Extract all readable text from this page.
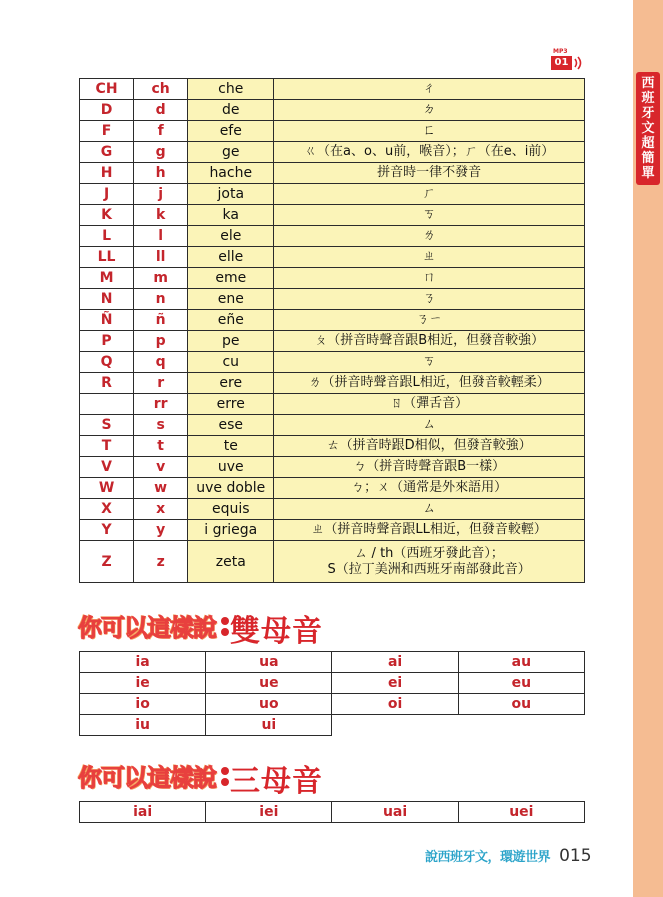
西
班
牙
文
超
簡
單
MP3
01
CH	ch	che	ㄔ
D	d	de	ㄉ
F	f	efe	ㄈ
G	g	ge	ㄍ（在a、o、u前，喉音）；ㄏ（在e、i前）
H	h	hache	拼音時一律不發音
J	j	jota	ㄏ
K	k	ka	ㄎ
L	l	ele	ㄌ
LL	ll	elle	ㄓ
M	m	eme	ㄇ
N	n	ene	ㄋ
Ñ	ñ	eñe	ㄋㄧ
P	p	pe	ㄆ（拼音時聲音跟B相近，但發音較強）
Q	q	cu	ㄎ
R	r	ere	ㄌ（拼音時聲音跟L相近，但發音較輕柔）
	rr	erre	ㄖ（彈舌音）
S	s	ese	ㄙ
T	t	te	ㄊ（拼音時跟D相似，但發音較強）
V	v	uve	ㄅ（拼音時聲音跟B一樣）
W	w	uve doble	ㄅ；ㄨ（通常是外來語用）
X	x	equis	ㄙ
Y	y	i griega	ㄓ（拼音時聲音跟LL相近，但發音較輕）
Z	z	zeta	ㄙ / th（西班牙發此音）；
S（拉丁美洲和西班牙南部發此音）
你可以這樣說 雙母音
ia	ua	ai	au
ie	ue	ei	eu
io	uo	oi	ou
iu	ui		
你可以這樣說 三母音
iai	iei	uai	uei
說西班牙文，環遊世界 015
